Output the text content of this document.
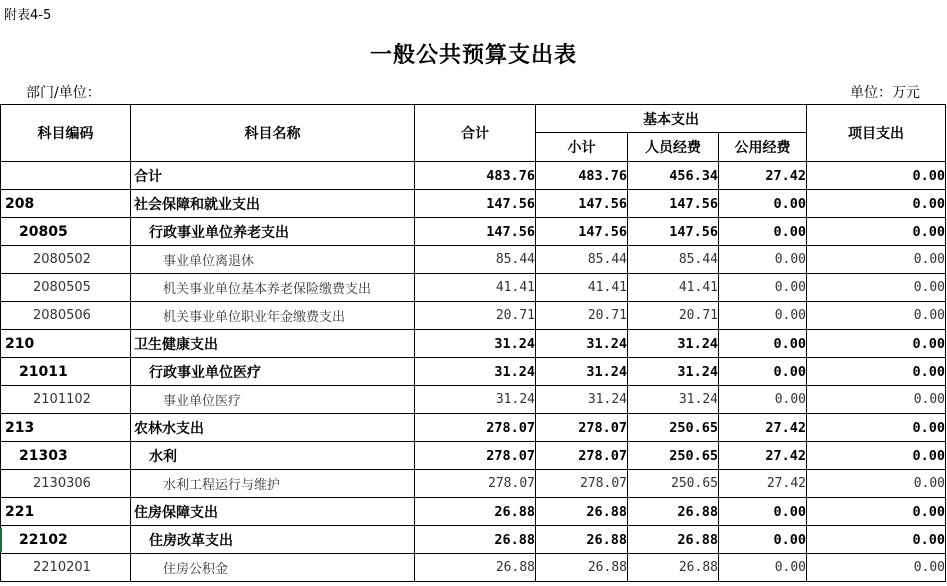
附表4-5
一般公共预算支出表
部门/单位：	单位：万元
科目编码	科目名称	合计	基本支出			项目支出
			小计	人员经费	公用经费	
	合计	483.76	483.76	456.34	27.42	0.00
208	社会保障和就业支出	147.56	147.56	147.56	0.00	0.00
20805	行政事业单位养老支出	147.56	147.56	147.56	0.00	0.00
2080502	事业单位离退休	85.44	85.44	85.44	0.00	0.00
2080505	机关事业单位基本养老保险缴费支出	41.41	41.41	41.41	0.00	0.00
2080506	机关事业单位职业年金缴费支出	20.71	20.71	20.71	0.00	0.00
210	卫生健康支出	31.24	31.24	31.24	0.00	0.00
21011	行政事业单位医疗	31.24	31.24	31.24	0.00	0.00
2101102	事业单位医疗	31.24	31.24	31.24	0.00	0.00
213	农林水支出	278.07	278.07	250.65	27.42	0.00
21303	水利	278.07	278.07	250.65	27.42	0.00
2130306	水利工程运行与维护	278.07	278.07	250.65	27.42	0.00
221	住房保障支出	26.88	26.88	26.88	0.00	0.00
22102	住房改革支出	26.88	26.88	26.88	0.00	0.00
2210201	住房公积金	26.88	26.88	26.88	0.00	0.00
